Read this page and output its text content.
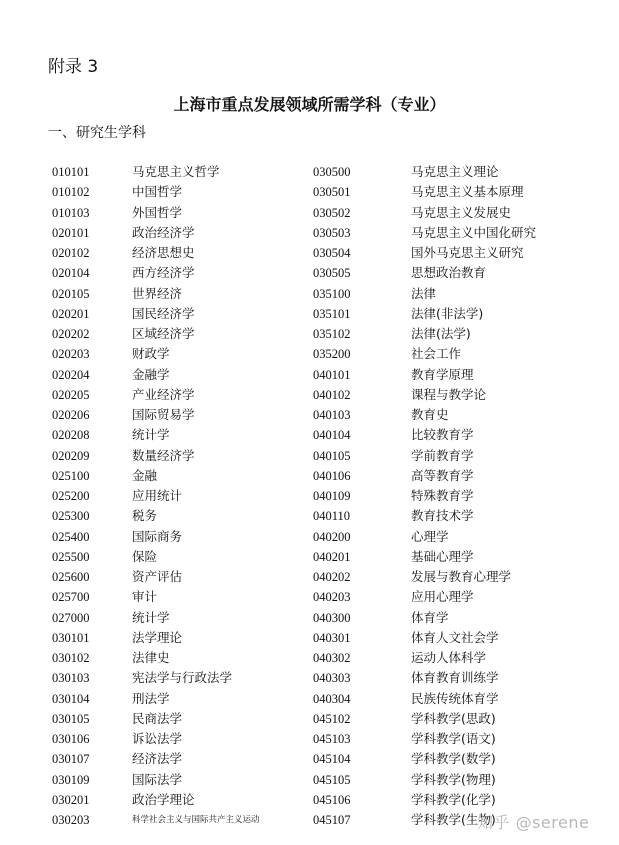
附录 3
上海市重点发展领域所需学科（专业）
一、研究生学科
010101	马克思主义哲学
010102	中国哲学
010103	外国哲学
020101	政治经济学
020102	经济思想史
020104	西方经济学
020105	世界经济
020201	国民经济学
020202	区域经济学
020203	财政学
020204	金融学
020205	产业经济学
020206	国际贸易学
020208	统计学
020209	数量经济学
025100	金融
025200	应用统计
025300	税务
025400	国际商务
025500	保险
025600	资产评估
025700	审计
027000	统计学
030101	法学理论
030102	法律史
030103	宪法学与行政法学
030104	刑法学
030105	民商法学
030106	诉讼法学
030107	经济法学
030109	国际法学
030201	政治学理论
030203	科学社会主义与国际共产主义运动
030500	马克思主义理论
030501	马克思主义基本原理
030502	马克思主义发展史
030503	马克思主义中国化研究
030504	国外马克思主义研究
030505	思想政治教育
035100	法律
035101	法律(非法学)
035102	法律(法学)
035200	社会工作
040101	教育学原理
040102	课程与教学论
040103	教育史
040104	比较教育学
040105	学前教育学
040106	高等教育学
040109	特殊教育学
040110	教育技术学
040200	心理学
040201	基础心理学
040202	发展与教育心理学
040203	应用心理学
040300	体育学
040301	体育人文社会学
040302	运动人体科学
040303	体育教育训练学
040304	民族传统体育学
045102	学科教学(思政)
045103	学科教学(语文)
045104	学科教学(数学)
045105	学科教学(物理)
045106	学科教学(化学)
045107	学科教学(生物)
知乎 @serene
